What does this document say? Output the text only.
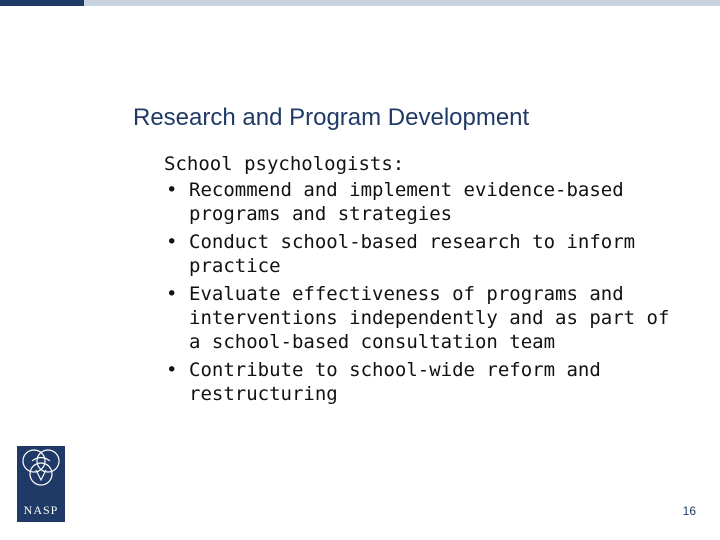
Research and Program Development

School psychologists:

• Recommend and implement evidence-based programs and strategies
• Conduct school-based research to inform practice
• Evaluate effectiveness of programs and interventions independently and as part of a school-based consultation team
• Contribute to school-wide reform and restructuring
NASP	16
